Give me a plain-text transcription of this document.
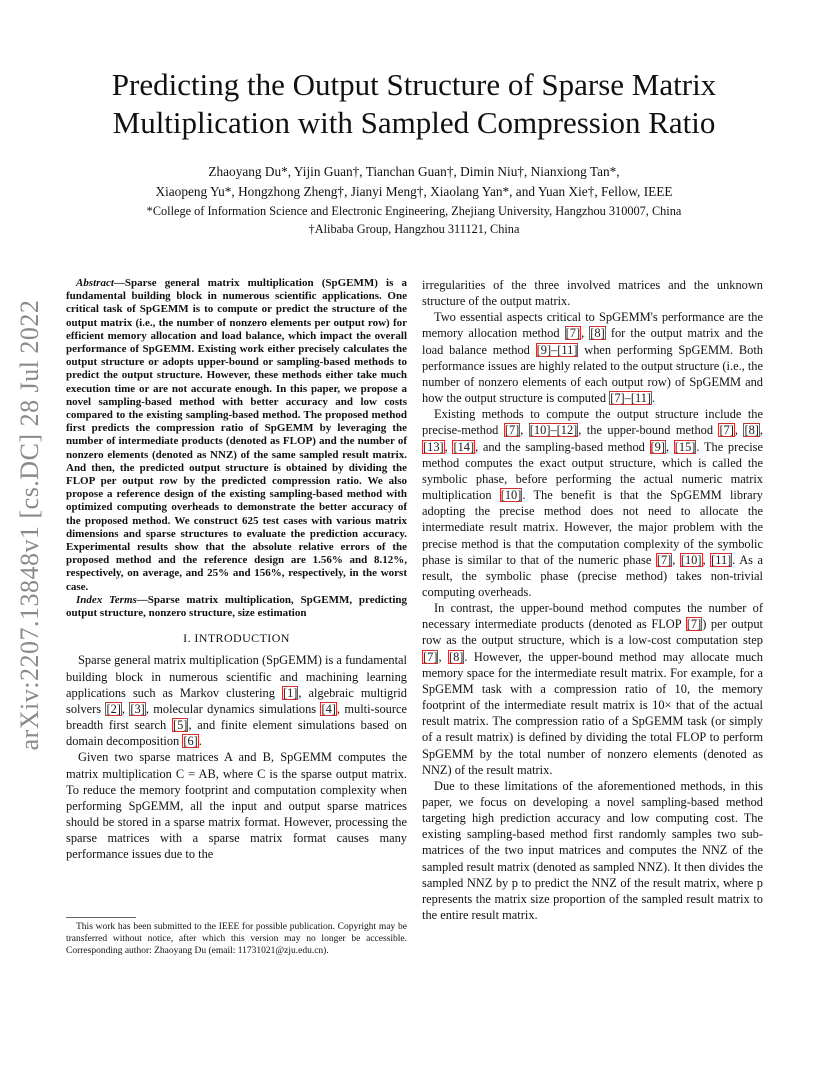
arXiv:2207.13848v1 [cs.DC] 28 Jul 2022
Predicting the Output Structure of Sparse Matrix Multiplication with Sampled Compression Ratio
Zhaoyang Du*, Yijin Guan†, Tianchan Guan†, Dimin Niu†, Nianxiong Tan*,
Xiaopeng Yu*, Hongzhong Zheng†, Jianyi Meng†, Xiaolang Yan*, and Yuan Xie†, Fellow, IEEE
*College of Information Science and Electronic Engineering, Zhejiang University, Hangzhou 310007, China
†Alibaba Group, Hangzhou 311121, China

Abstract—Sparse general matrix multiplication (SpGEMM) is a fundamental building block in numerous scientific applications. One critical task of SpGEMM is to compute or predict the structure of the output matrix (i.e., the number of nonzero elements per output row) for efficient memory allocation and load balance, which impact the overall performance of SpGEMM. Existing work either precisely calculates the output structure or adopts upper-bound or sampling-based methods to predict the output structure. However, these methods either take much execution time or are not accurate enough. In this paper, we propose a novel sampling-based method with better accuracy and low costs compared to the existing sampling-based method. The proposed method first predicts the compression ratio of SpGEMM by leveraging the number of intermediate products (denoted as FLOP) and the number of nonzero elements (denoted as NNZ) of the same sampled result matrix. And then, the predicted output structure is obtained by dividing the FLOP per output row by the predicted compression ratio. We also propose a reference design of the existing sampling-based method with optimized computing overheads to demonstrate the better accuracy of the proposed method. We construct 625 test cases with various matrix dimensions and sparse structures to evaluate the prediction accuracy. Experimental results show that the absolute relative errors of the proposed method and the reference design are 1.56% and 8.12%, respectively, on average, and 25% and 156%, respectively, in the worst case.

Index Terms—Sparse matrix multiplication, SpGEMM, predicting output structure, nonzero structure, size estimation

I. INTRODUCTION

Sparse general matrix multiplication (SpGEMM) is a fundamental building block in numerous scientific and machining learning applications such as Markov clustering [1], algebraic multigrid solvers [2], [3], molecular dynamics simulations [4], multi-source breadth first search [5], and finite element simulations based on domain decomposition [6].

Given two sparse matrices A and B, SpGEMM computes the matrix multiplication C = AB, where C is the sparse output matrix. To reduce the memory footprint and computation complexity when performing SpGEMM, all the input and output sparse matrices should be stored in a sparse matrix format. However, processing the sparse matrices with a sparse matrix format causes many performance issues due to the

This work has been submitted to the IEEE for possible publication. Copyright may be transferred without notice, after which this version may no longer be accessible. Corresponding author: Zhaoyang Du (email: 11731021@zju.edu.cn).

irregularities of the three involved matrices and the unknown structure of the output matrix.

Two essential aspects critical to SpGEMM's performance are the memory allocation method [7], [8] for the output matrix and the load balance method [9]–[11] when performing SpGEMM. Both performance issues are highly related to the output structure (i.e., the number of nonzero elements of each output row) of SpGEMM and how the output structure is computed [7]–[11].

Existing methods to compute the output structure include the precise-method [7], [10]–[12], the upper-bound method [7], [8], [13], [14], and the sampling-based method [9], [15]. The precise method computes the exact output structure, which is called the symbolic phase, before performing the actual numeric matrix multiplication [10]. The benefit is that the SpGEMM library adopting the precise method does not need to allocate the intermediate result matrix. However, the major problem with the precise method is that the computation complexity of the symbolic phase is similar to that of the numeric phase [7], [10], [11]. As a result, the symbolic phase (precise method) takes non-trivial computing overheads.

In contrast, the upper-bound method computes the number of necessary intermediate products (denoted as FLOP [7]) per output row as the output structure, which is a low-cost computation step [7], [8]. However, the upper-bound method may allocate much memory space for the intermediate result matrix. For example, for a SpGEMM task with a compression ratio of 10, the memory footprint of the intermediate result matrix is 10× that of the actual result matrix. The compression ratio of a SpGEMM task (or simply of a result matrix) is defined by dividing the total FLOP to perform SpGEMM by the total number of nonzero elements (denoted as NNZ) of the result matrix.

Due to these limitations of the aforementioned methods, in this paper, we focus on developing a novel sampling-based method targeting high prediction accuracy and low computing cost. The existing sampling-based method first randomly samples two sub-matrices of the two input matrices and computes the NNZ of the sampled result matrix (denoted as sampled NNZ). It then divides the sampled NNZ by p to predict the NNZ of the result matrix, where p represents the matrix size proportion of the sampled result matrix to the entire result matrix.
